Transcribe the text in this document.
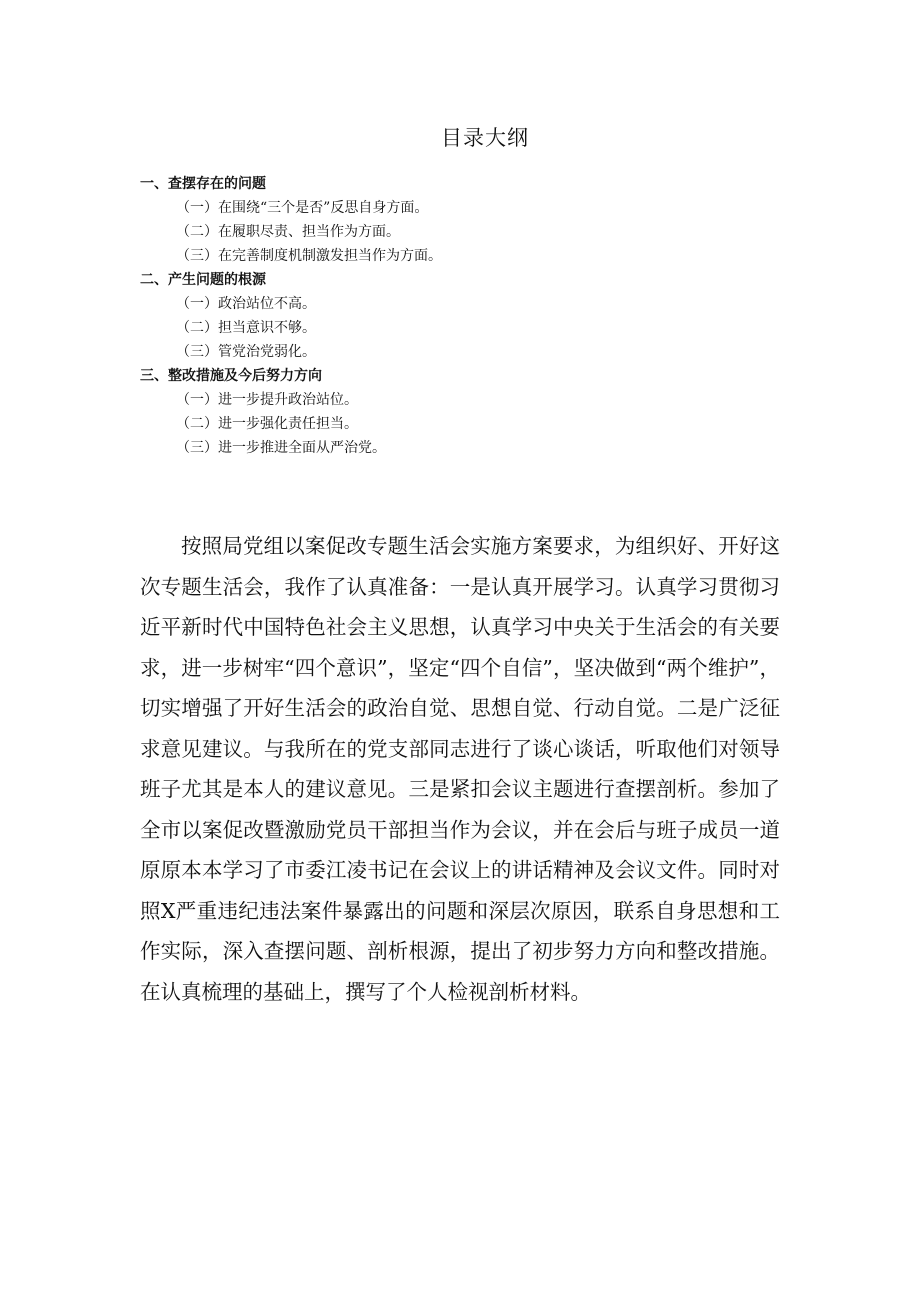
目录大纲
一、查摆存在的问题
（一）在围绕“三个是否”反思自身方面。
（二）在履职尽责、担当作为方面。
（三）在完善制度机制激发担当作为方面。
二、产生问题的根源
（一）政治站位不高。
（二）担当意识不够。
（三）管党治党弱化。
三、整改措施及今后努力方向
（一）进一步提升政治站位。
（二）进一步强化责任担当。
（三）进一步推进全面从严治党。

按照局党组以案促改专题生活会实施方案要求，为组织好、开好这次专题生活会，我作了认真准备：一是认真开展学习。认真学习贯彻习近平新时代中国特色社会主义思想，认真学习中央关于生活会的有关要求，进一步树牢“四个意识”，坚定“四个自信”，坚决做到“两个维护”，切实增强了开好生活会的政治自觉、思想自觉、行动自觉。二是广泛征求意见建议。与我所在的党支部同志进行了谈心谈话，听取他们对领导班子尤其是本人的建议意见。三是紧扣会议主题进行查摆剖析。参加了全市以案促改暨激励党员干部担当作为会议，并在会后与班子成员一道原原本本学习了市委江凌书记在会议上的讲话精神及会议文件。同时对照X严重违纪违法案件暴露出的问题和深层次原因，联系自身思想和工作实际，深入查摆问题、剖析根源，提出了初步努力方向和整改措施。在认真梳理的基础上，撰写了个人检视剖析材料。
